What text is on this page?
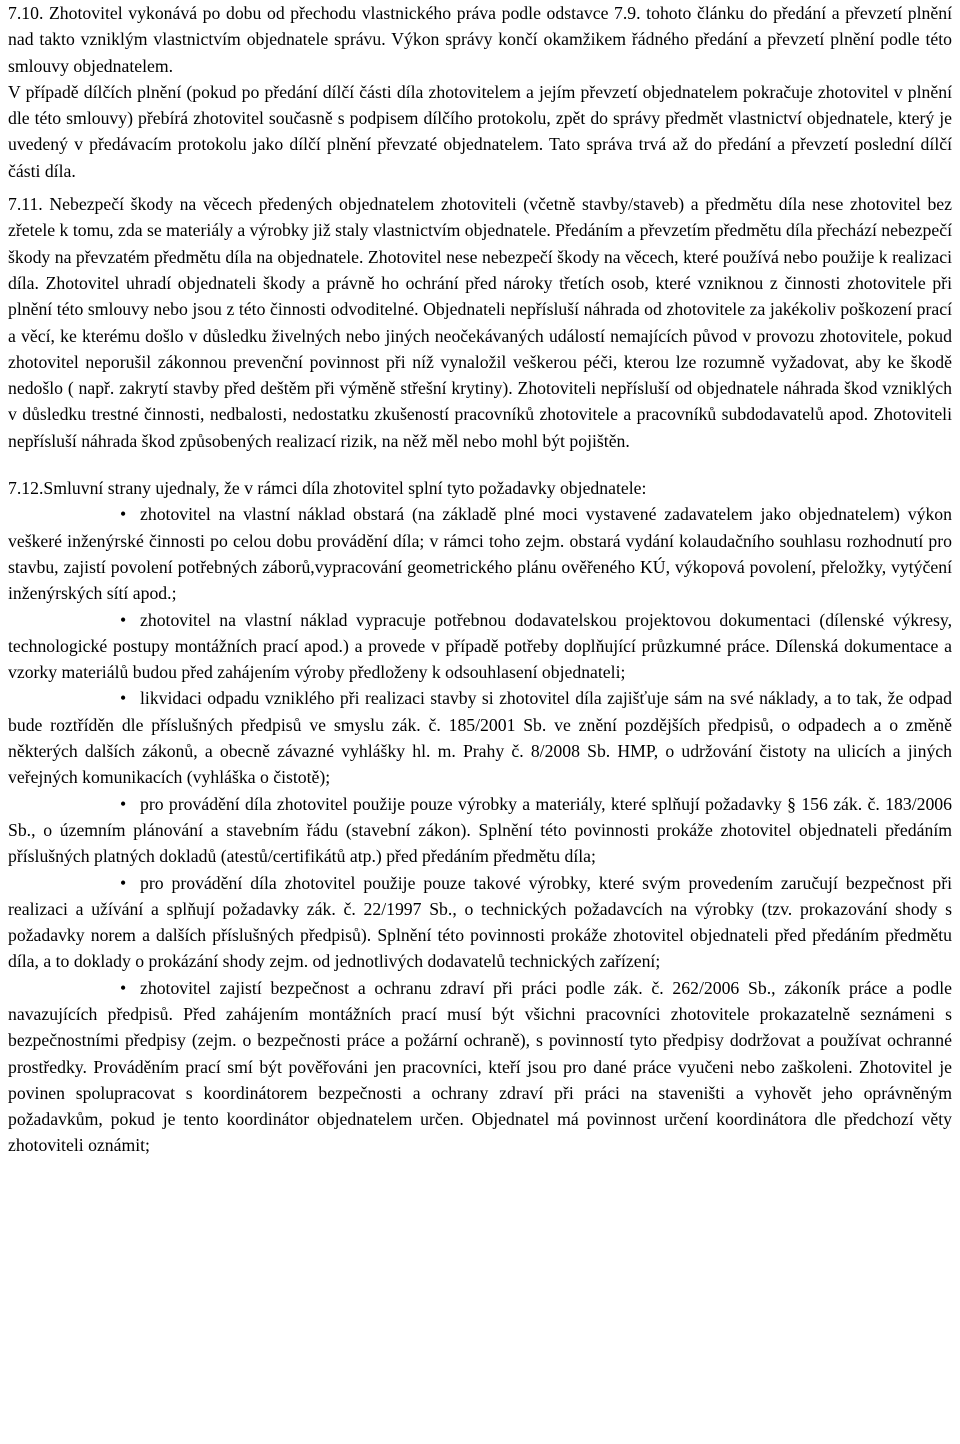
7.10. Zhotovitel vykonává po dobu od přechodu vlastnického práva podle odstavce 7.9. tohoto článku do předání a převzetí plnění nad takto vzniklým vlastnictvím objednatele správu. Výkon správy končí okamžikem řádného předání a převzetí plnění podle této smlouvy objednatelem.

V případě dílčích plnění (pokud po předání dílčí části díla zhotovitelem a jejím převzetí objednatelem pokračuje zhotovitel v plnění dle této smlouvy) přebírá zhotovitel současně s podpisem dílčího protokolu, zpět do správy předmět vlastnictví objednatele, který je uvedený v předávacím protokolu jako dílčí plnění převzaté objednatelem. Tato správa trvá až do předání a převzetí poslední dílčí části díla.

7.11. Nebezpečí škody na věcech předených objednatelem zhotoviteli (včetně stavby/staveb) a předmětu díla nese zhotovitel bez zřetele k tomu, zda se materiály a výrobky již staly vlastnictvím objednatele. Předáním a převzetím předmětu díla přechází nebezpečí škody na převzatém předmětu díla na objednatele. Zhotovitel nese nebezpečí škody na věcech, které používá nebo použije k realizaci díla. Zhotovitel uhradí objednateli škody a právně ho ochrání před nároky třetích osob, které vzniknou z činnosti zhotovitele při plnění této smlouvy nebo jsou z této činnosti odvoditelné. Objednateli nepřísluší náhrada od zhotovitele za jakékoliv poškození prací a věcí, ke kterému došlo v důsledku živelných nebo jiných neočekávaných událostí nemajících původ v provozu zhotovitele, pokud zhotovitel neporušil zákonnou prevenční povinnost při níž vynaložil veškerou péči, kterou lze rozumně vyžadovat, aby ke škodě nedošlo ( např. zakrytí stavby před deštěm při výměně střešní krytiny). Zhotoviteli nepřísluší od objednatele náhrada škod vzniklých v důsledku trestné činnosti, nedbalosti, nedostatku zkušeností pracovníků zhotovitele a pracovníků subdodavatelů apod. Zhotoviteli nepřísluší náhrada škod způsobených realizací rizik, na něž měl nebo mohl být pojištěn.

7.12.Smluvní strany ujednaly, že v rámci díla zhotovitel splní tyto požadavky objednatele:

• zhotovitel na vlastní náklad obstará (na základě plné moci vystavené zadavatelem jako objednatelem) výkon veškeré inženýrské činnosti po celou dobu provádění díla; v rámci toho zejm. obstará vydání kolaudačního souhlasu rozhodnutí pro stavbu, zajistí povolení potřebných záborů,vypracování geometrického plánu ověřeného KÚ, výkopová povolení, přeložky, vytýčení inženýrských sítí apod.;

• zhotovitel na vlastní náklad vypracuje potřebnou dodavatelskou projektovou dokumentaci (dílenské výkresy, technologické postupy montážních prací apod.) a provede v případě potřeby doplňující průzkumné práce. Dílenská dokumentace a vzorky materiálů budou před zahájením výroby předloženy k odsouhlasení objednateli;

• likvidaci odpadu vzniklého při realizaci stavby si zhotovitel díla zajišťuje sám na své náklady, a to tak, že odpad bude roztříděn dle příslušných předpisů ve smyslu zák. č. 185/2001 Sb. ve znění pozdějších předpisů, o odpadech a o změně některých dalších zákonů, a obecně závazné vyhlášky hl. m. Prahy č. 8/2008 Sb. HMP, o udržování čistoty na ulicích a jiných veřejných komunikacích (vyhláška o čistotě);

• pro provádění díla zhotovitel použije pouze výrobky a materiály, které splňují požadavky § 156 zák. č. 183/2006 Sb., o územním plánování a stavebním řádu (stavební zákon). Splnění této povinnosti prokáže zhotovitel objednateli předáním příslušných platných dokladů (atestů/certifikátů atp.) před předáním předmětu díla;

• pro provádění díla zhotovitel použije pouze takové výrobky, které svým provedením zaručují bezpečnost při realizaci a užívání a splňují požadavky zák. č. 22/1997 Sb., o technických požadavcích na výrobky (tzv. prokazování shody s požadavky norem a dalších příslušných předpisů). Splnění této povinnosti prokáže zhotovitel objednateli před předáním předmětu díla, a to doklady o prokázání shody zejm. od jednotlivých dodavatelů technických zařízení;

• zhotovitel zajistí bezpečnost a ochranu zdraví při práci podle zák. č. 262/2006 Sb., zákoník práce a podle navazujících předpisů. Před zahájením montážních prací musí být všichni pracovníci zhotovitele prokazatelně seznámeni s bezpečnostními předpisy (zejm. o bezpečnosti práce a požární ochraně), s povinností tyto předpisy dodržovat a používat ochranné prostředky. Prováděním prací smí být pověřováni jen pracovníci, kteří jsou pro dané práce vyučeni nebo zaškoleni. Zhotovitel je povinen spolupracovat s koordinátorem bezpečnosti a ochrany zdraví při práci na staveništi a vyhovět jeho oprávněným požadavkům, pokud je tento koordinátor objednatelem určen. Objednatel má povinnost určení koordinátora dle předchozí věty zhotoviteli oznámit;
